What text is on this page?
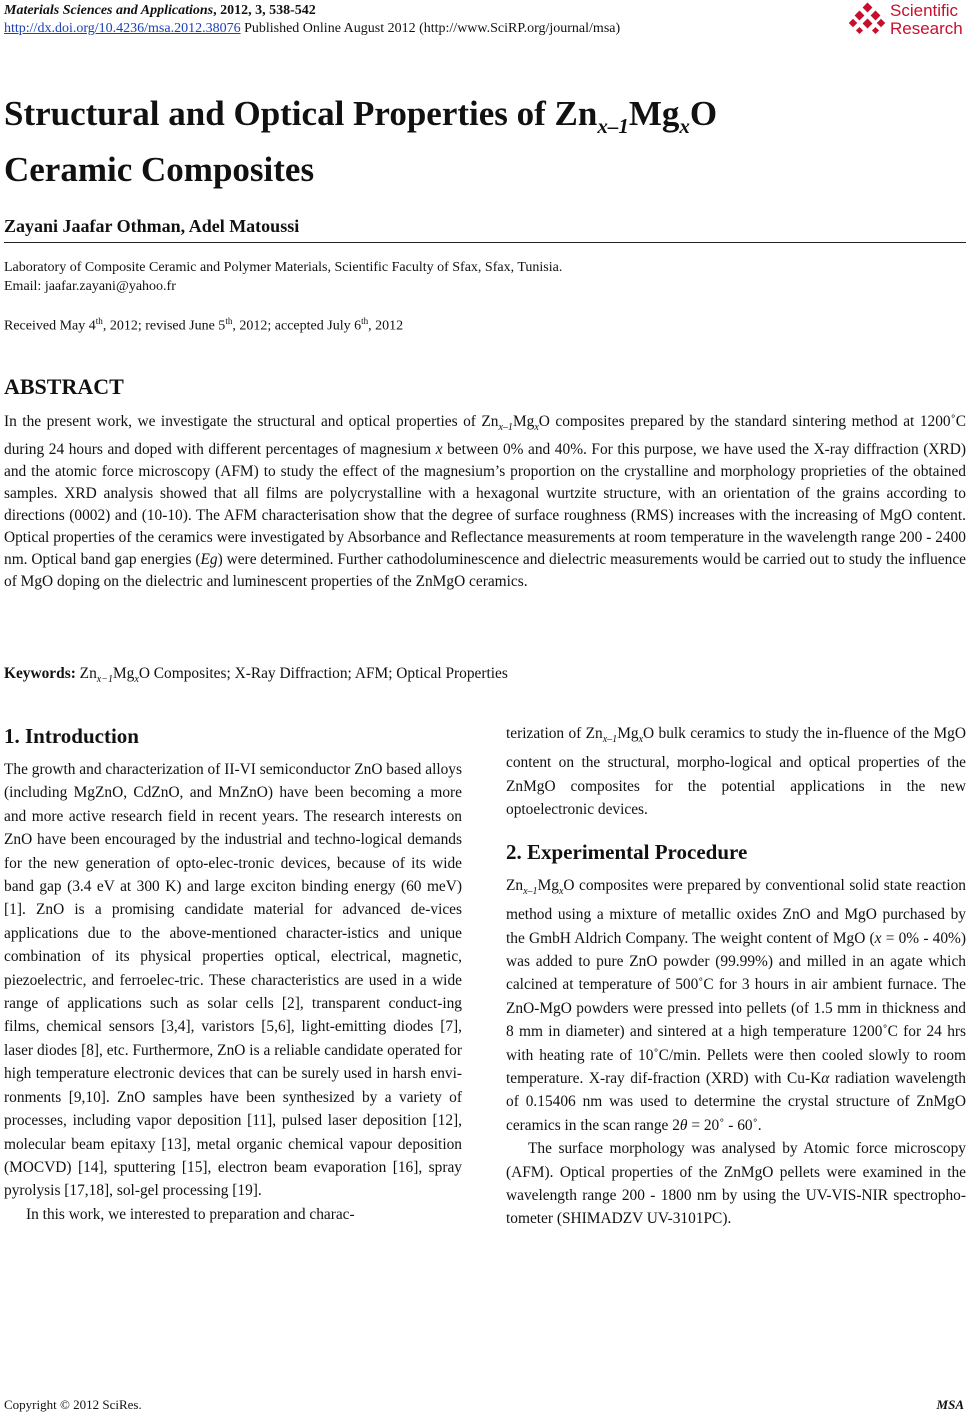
Materials Sciences and Applications, 2012, 3, 538-542
http://dx.doi.org/10.4236/msa.2012.38076 Published Online August 2012 (http://www.SciRP.org/journal/msa)
Scientific
Research
Structural and Optical Properties of $Zn_{x-1}Mg_xO$
Ceramic Composites
Zayani Jaafar Othman, Adel Matoussi
Laboratory of Composite Ceramic and Polymer Materials, Scientific Faculty of Sfax, Sfax, Tunisia.
Email: jaafar.zayani@yahoo.fr
Received May 4th, 2012; revised June 5th, 2012; accepted July 6th, 2012
ABSTRACT
In the present work, we investigate the structural and optical properties of $Zn_{x-1}Mg_xO$ composites prepared by the standard sintering method at 1200˚C during 24 hours and doped with different percentages of magnesium x between 0% and 40%. For this purpose, we have used the X-ray diffraction (XRD) and the atomic force microscopy (AFM) to study the effect of the magnesium’s proportion on the crystalline and morphology proprieties of the obtained samples. XRD analysis showed that all films are polycrystalline with a hexagonal wurtzite structure, with an orientation of the grains according to directions (0002) and (10-10). The AFM characterisation show that the degree of surface roughness (RMS) increases with the increasing of MgO content. Optical properties of the ceramics were investigated by Absorbance and Reflectance measurements at room temperature in the wavelength range 200 - 2400 nm. Optical band gap energies (Eg) were determined. Further cathodoluminescence and dielectric measurements would be carried out to study the influence of MgO doping on the dielectric and luminescent properties of the ZnMgO ceramics.
Keywords: $Zn_{x-1}Mg_xO$ Composites; X-Ray Diffraction; AFM; Optical Properties
1. Introduction

The growth and characterization of II-VI semiconductor ZnO based alloys (including MgZnO, CdZnO, and MnZnO) have been becoming a more and more active research field in recent years. The research interests on ZnO have been encouraged by the industrial and techno-logical demands for the new generation of opto-elec-tronic devices, because of its wide band gap (3.4 eV at 300 K) and large exciton binding energy (60 meV) [1]. ZnO is a promising candidate material for advanced de-vices applications due to the above-mentioned character-istics and unique combination of its physical properties optical, electrical, magnetic, piezoelectric, and ferroelec-tric. These characteristics are used in a wide range of applications such as solar cells [2], transparent conduct-ing films, chemical sensors [3,4], varistors [5,6], light-emitting diodes [7], laser diodes [8], etc. Furthermore, ZnO is a reliable candidate operated for high temperature electronic devices that can be surely used in harsh envi-ronments [9,10]. ZnO samples have been synthesized by a variety of processes, including vapor deposition [11], pulsed laser deposition [12], molecular beam epitaxy [13], metal organic chemical vapour deposition (MOCVD) [14], sputtering [15], electron beam evaporation [16], spray pyrolysis [17,18], sol-gel processing [19].

In this work, we interested to preparation and charac-

terization of $Zn_{x-1}Mg_xO$ bulk ceramics to study the in-fluence of the MgO content on the structural, morpho-logical and optical properties of the ZnMgO composites for the potential applications in the new optoelectronic devices.

2. Experimental Procedure

$Zn_{x-1}Mg_xO$ composites were prepared by conventional solid state reaction method using a mixture of metallic oxides ZnO and MgO purchased by the GmbH Aldrich Company. The weight content of MgO (x = 0% - 40%) was added to pure ZnO powder (99.99%) and milled in an agate which calcined at temperature of 500˚C for 3 hours in air ambient furnace. The ZnO-MgO powders were pressed into pellets (of 1.5 mm in thickness and 8 mm in diameter) and sintered at a high temperature 1200˚C for 24 hrs with heating rate of 10˚C/min. Pellets were then cooled slowly to room temperature. X-ray dif-fraction (XRD) with Cu-Kα radiation wavelength of 0.15406 nm was used to determine the crystal structure of ZnMgO ceramics in the scan range 2θ = 20˚ - 60˚.

The surface morphology was analysed by Atomic force microscopy (AFM). Optical properties of the ZnMgO pellets were examined in the wavelength range 200 - 1800 nm by using the UV-VIS-NIR spectropho-tometer (SHIMADZV UV-3101PC).

Copyright © 2012 SciRes.	MSA
